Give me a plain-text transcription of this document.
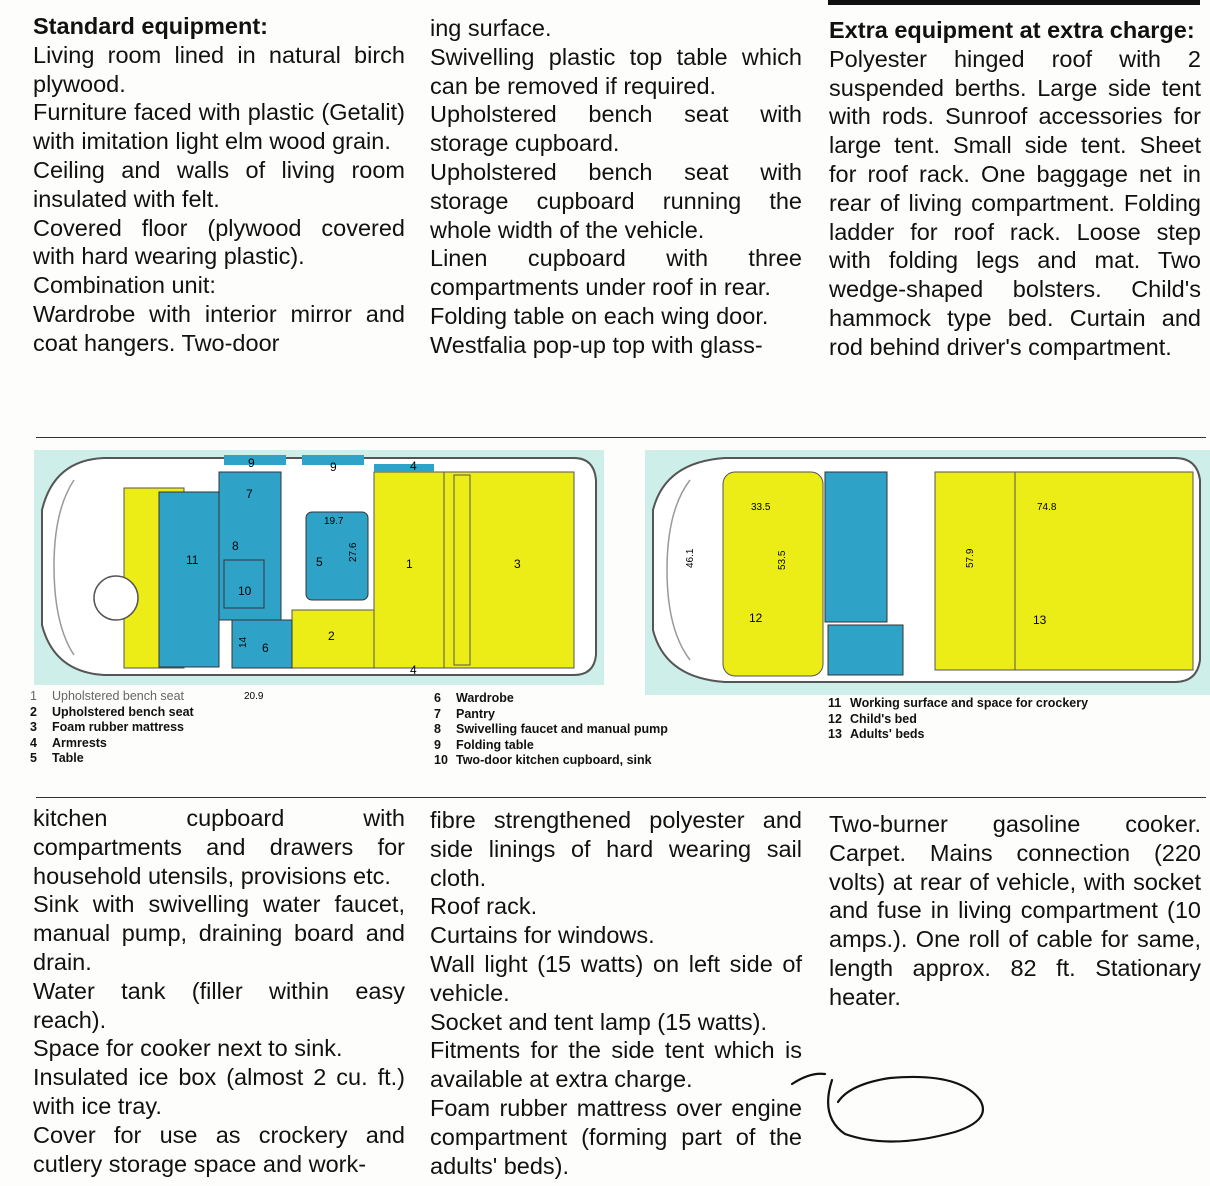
Standard equipment:

Living room lined in natural birch plywood.

Furniture faced with plastic (Getalit) with imitation light elm wood grain.

Ceiling and walls of living room insulated with felt.

Covered floor (plywood covered with hard wearing plastic).

Combination unit:

Wardrobe with interior mirror and coat hangers. Two-door

ing surface.

Swivelling plastic top table which can be removed if required.

Upholstered bench seat with storage cupboard.

Upholstered bench seat with storage cupboard running the whole width of the vehicle.

Linen cupboard with three compartments under roof in rear.

Folding table on each wing door.

Westfalia pop-up top with glass-

Extra equipment at extra charge:

Polyester hinged roof with 2 suspended berths. Large side tent with rods. Sunroof accessories for large tent. Small side tent. Sheet for roof rack. One baggage net in rear of living compartment. Folding ladder for roof rack. Loose step with folding legs and mat. Two wedge-shaped bolsters. Child's hammock type bed. Curtain and rod behind driver's compartment.

1
2
3
4
4
5
6
7
8
9	9
10
11
19.7
27.6
14
20.9
12	13
33.5
53.5
46.1	57.9
74.8
1 Upholstered bench seat
2 Upholstered bench seat
3 Foam rubber mattress
4 Armrests
5 Table
6 Wardrobe
7 Pantry
8 Swivelling faucet and manual pump
9 Folding table
10 Two-door kitchen cupboard, sink
11 Working surface and space for crockery
12 Child's bed
13 Adults' beds

kitchen cupboard with compartments and drawers for household utensils, provisions etc.

Sink with swivelling water faucet, manual pump, draining board and drain.

Water tank (filler within easy reach).

Space for cooker next to sink.

Insulated ice box (almost 2 cu. ft.) with ice tray.

Cover for use as crockery and cutlery storage space and work-

fibre strengthened polyester and side linings of hard wearing sail cloth.

Roof rack.

Curtains for windows.

Wall light (15 watts) on left side of vehicle.

Socket and tent lamp (15 watts).

Fitments for the side tent which is available at extra charge.

Foam rubber mattress over engine compartment (forming part of the adults' beds).

Two-burner gasoline cooker. Carpet. Mains connection (220 volts) at rear of vehicle, with socket and fuse in living compartment (10 amps.). One roll of cable for same, length approx. 82 ft. Stationary heater.
